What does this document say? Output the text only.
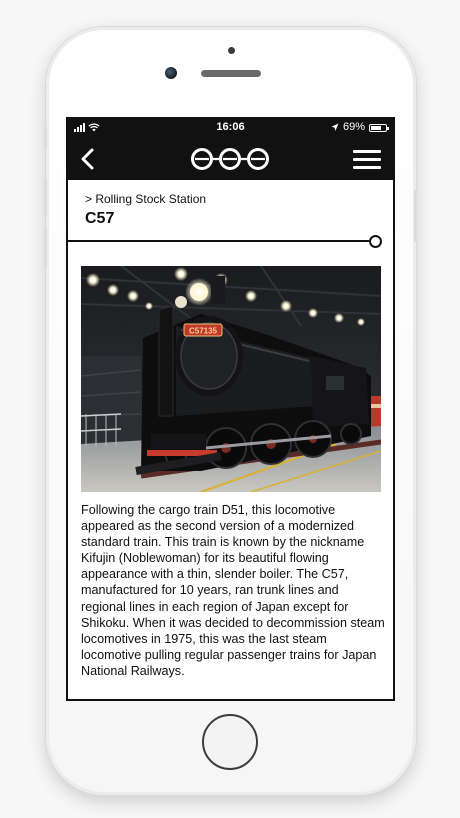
16:06	69%
> Rolling Stock Station
C57
C57135
Following the cargo train D51, this locomotive appeared as the second version of a modernized standard train. This train is known by the nickname Kifujin (Noblewoman) for its beautiful flowing appearance with a thin, slender boiler. The C57, manufactured for 10 years, ran trunk lines and regional lines in each region of Japan except for Shikoku. When it was decided to decommission steam locomotives in 1975, this was the last steam locomotive pulling regular passenger trains for Japan National Railways.
